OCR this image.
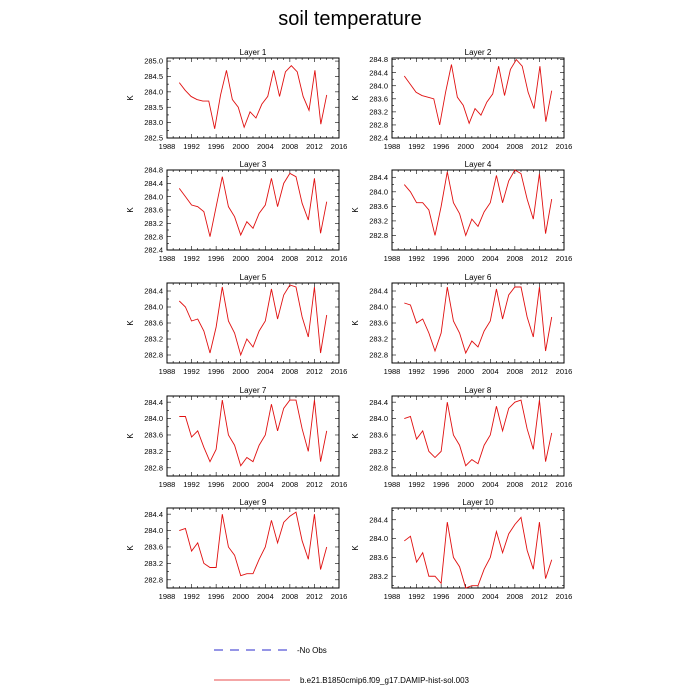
soil temperature
Layer 1
K
1988 1992 1996 2000 2004 2008 2012 2016
282.5
283.0
283.5
284.0
284.5
285.0
Layer 2
K
1988 1992 1996 2000 2004 2008 2012 2016
282.4
282.8
283.2
283.6
284.0
284.4
284.8
Layer 3
K
1988 1992 1996 2000 2004 2008 2012 2016
282.4
282.8
283.2
283.6
284.0
284.4
284.8
Layer 4
K
1988 1992 1996 2000 2004 2008 2012 2016
282.8
283.2
283.6
284.0
284.4
Layer 5
K
1988 1992 1996 2000 2004 2008 2012 2016
282.8
283.2
283.6
284.0
284.4
Layer 6
K
1988 1992 1996 2000 2004 2008 2012 2016
282.8
283.2
283.6
284.0
284.4
Layer 7
K
1988 1992 1996 2000 2004 2008 2012 2016
282.8
283.2
283.6
284.0
284.4
Layer 8
K
1988 1992 1996 2000 2004 2008 2012 2016
282.8
283.2
283.6
284.0
284.4
Layer 9
K
1988 1992 1996 2000 2004 2008 2012 2016
282.8
283.2
283.6
284.0
284.4
Layer 10
K
1988 1992 1996 2000 2004 2008 2012 2016
283.2
283.6
284.0
284.4
-No Obs
b.e21.B1850cmip6.f09_g17.DAMIP-hist-sol.003
